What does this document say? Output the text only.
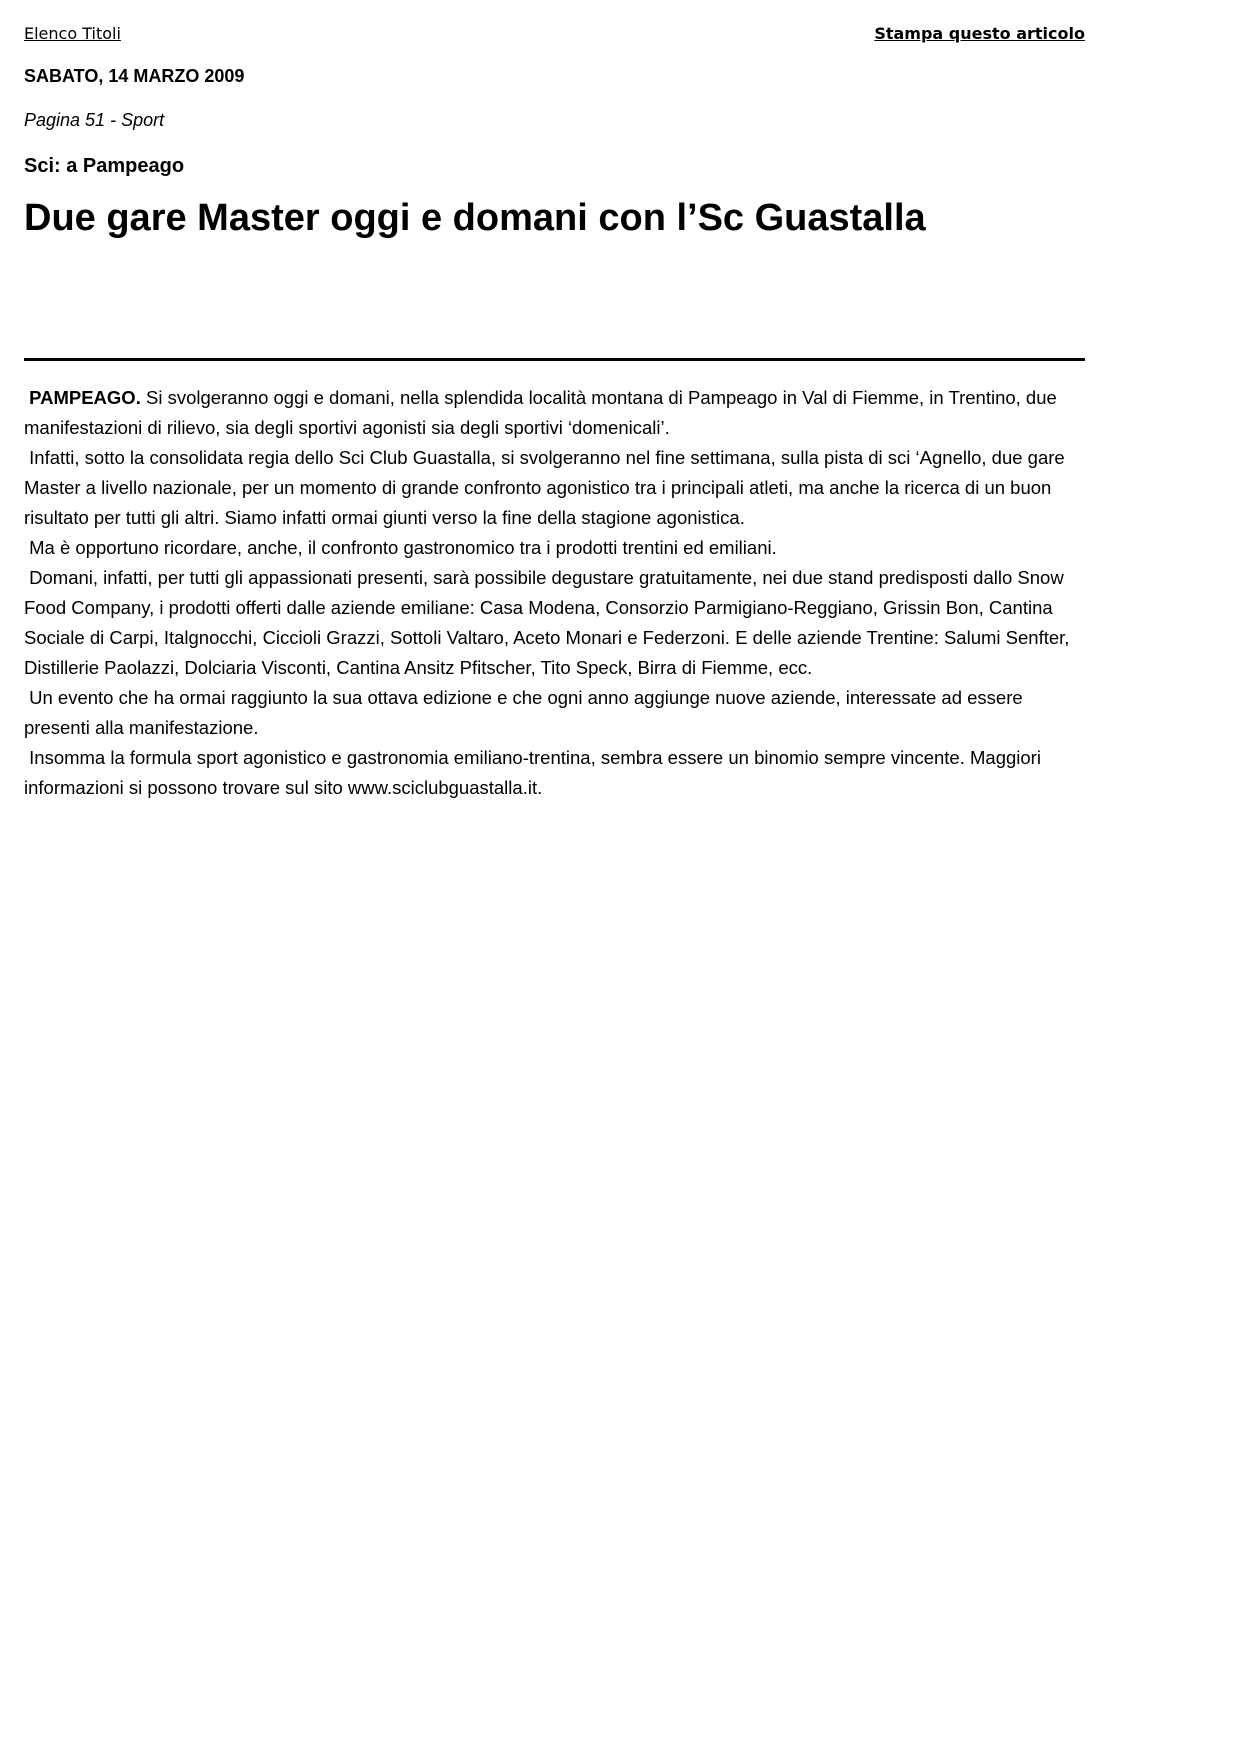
Elenco Titoli	Stampa questo articolo
SABATO, 14 MARZO 2009
Pagina 51 - Sport
Sci: a Pampeago
Due gare Master oggi e domani con l’Sc Guastalla

PAMPEAGO. Si svolgeranno oggi e domani, nella splendida località montana di Pampeago in Val di Fiemme, in Trentino, due manifestazioni di rilievo, sia degli sportivi agonisti sia degli sportivi ‘domenicali’.

Infatti, sotto la consolidata regia dello Sci Club Guastalla, si svolgeranno nel fine settimana, sulla pista di sci ‘Agnello, due gare Master a livello nazionale, per un momento di grande confronto agonistico tra i principali atleti, ma anche la ricerca di un buon risultato per tutti gli altri. Siamo infatti ormai giunti verso la fine della stagione agonistica.

Ma è opportuno ricordare, anche, il confronto gastronomico tra i prodotti trentini ed emiliani.

Domani, infatti, per tutti gli appassionati presenti, sarà possibile degustare gratuitamente, nei due stand predisposti dallo Snow Food Company, i prodotti offerti dalle aziende emiliane: Casa Modena, Consorzio Parmigiano-Reggiano, Grissin Bon, Cantina Sociale di Carpi, Italgnocchi, Ciccioli Grazzi, Sottoli Valtaro, Aceto Monari e Federzoni. E delle aziende Trentine: Salumi Senfter, Distillerie Paolazzi, Dolciaria Visconti, Cantina Ansitz Pfitscher, Tito Speck, Birra di Fiemme, ecc.

Un evento che ha ormai raggiunto la sua ottava edizione e che ogni anno aggiunge nuove aziende, interessate ad essere presenti alla manifestazione.

Insomma la formula sport agonistico e gastronomia emiliano-trentina, sembra essere un binomio sempre vincente. Maggiori informazioni si possono trovare sul sito www.sciclubguastalla.it.
